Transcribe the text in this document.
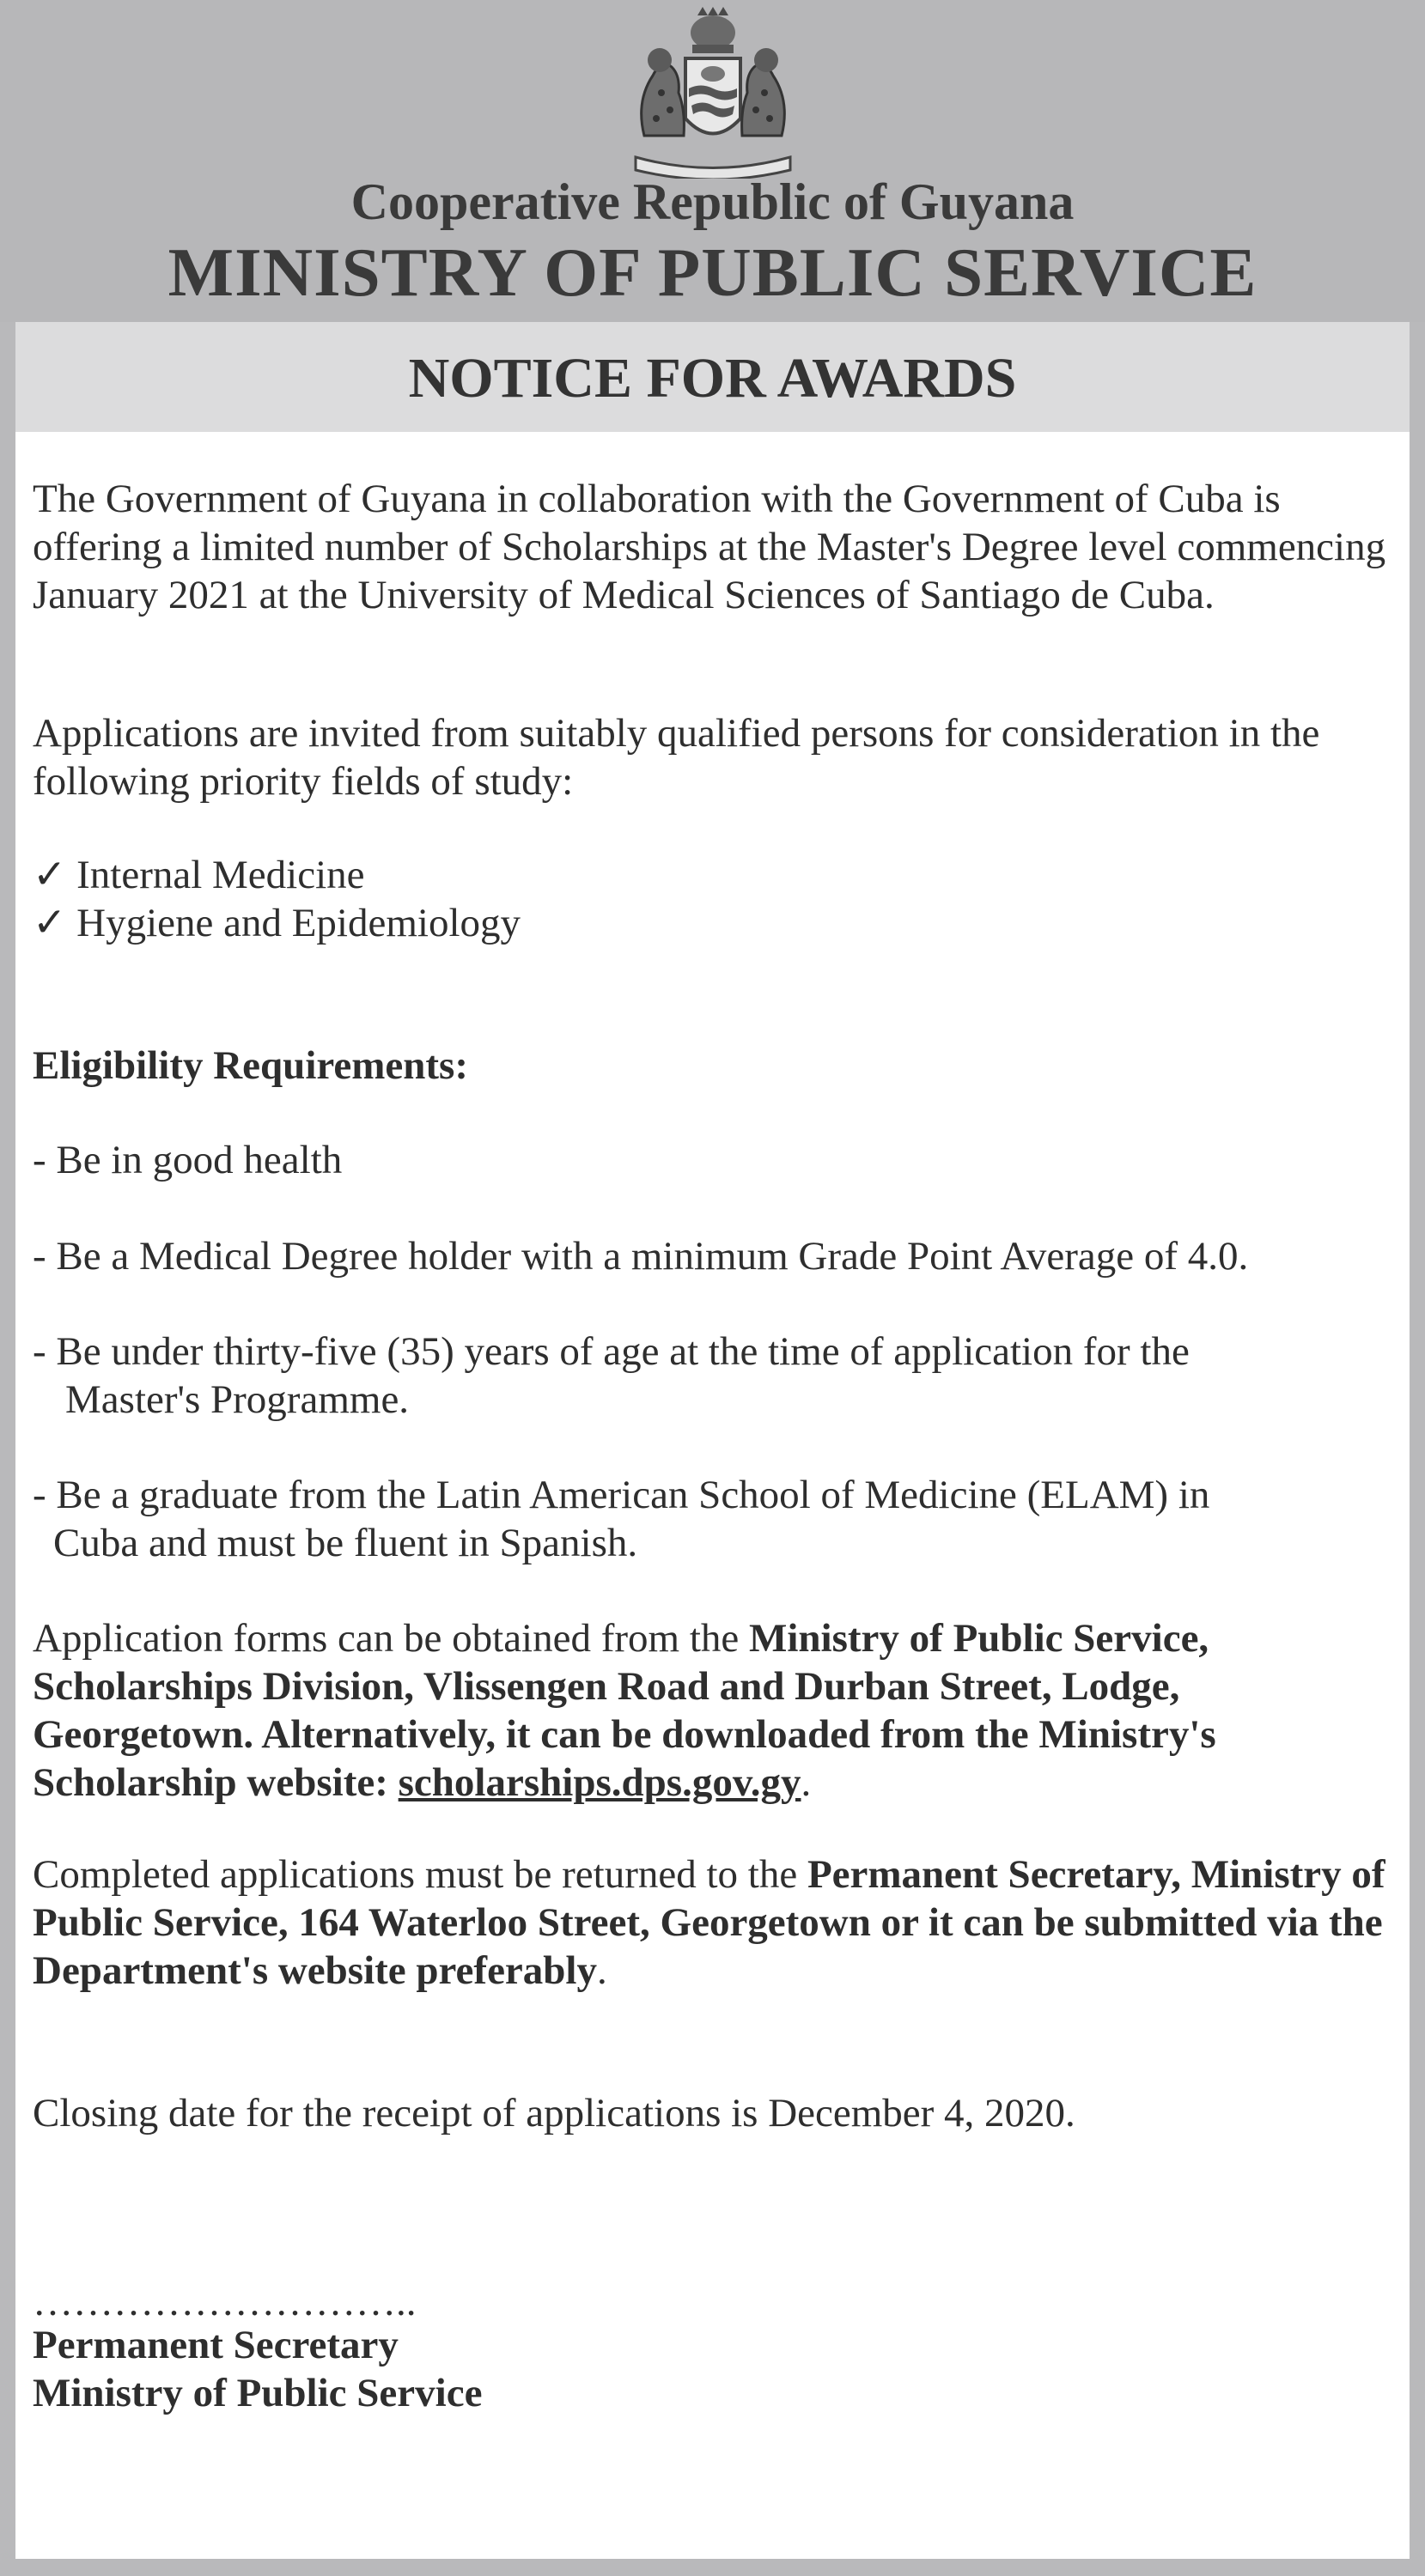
Cooperative Republic of Guyana
MINISTRY OF PUBLIC SERVICE
NOTICE FOR AWARDS
The Government of Guyana in collaboration with the Government of Cuba is offering a limited number of Scholarships at the Master's Degree level commencing January 2021 at the University of Medical Sciences of Santiago de Cuba.
Applications are invited from suitably qualified persons for consideration in the following priority fields of study:
✓ Internal Medicine
✓ Hygiene and Epidemiology
Eligibility Requirements:
- Be in good health
- Be a Medical Degree holder with a minimum Grade Point Average of 4.0.
- Be under thirty-five (35) years of age at the time of application for the
Master's Programme.
- Be a graduate from the Latin American School of Medicine (ELAM) in
Cuba and must be fluent in Spanish.
Application forms can be obtained from the Ministry of Public Service, Scholarships Division, Vlissengen Road and Durban Street, Lodge, Georgetown. Alternatively, it can be downloaded from the Ministry's Scholarship website: scholarships.dps.gov.gy.
Completed applications must be returned to the Permanent Secretary, Ministry of Public Service, 164 Waterloo Street, Georgetown or it can be submitted via the Department's website preferably.
Closing date for the receipt of applications is December 4, 2020.
………………………..
Permanent Secretary
Ministry of Public Service
